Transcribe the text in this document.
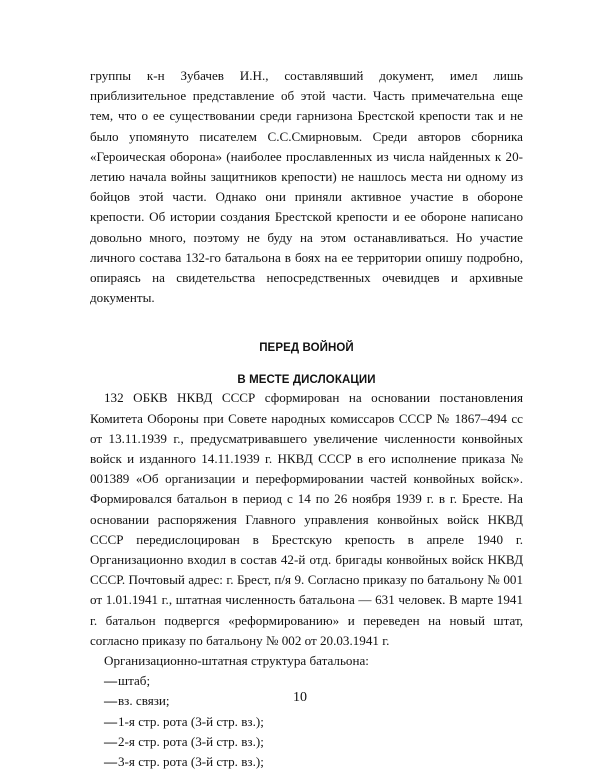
группы к-н Зубачев И.Н., составлявший документ, имел лишь приблизительное представление об этой части. Часть примечательна еще тем, что о ее существовании среди гарнизона Брестской крепости так и не было упомянуто писателем С.С.Смирновым. Среди авторов сборника «Героическая оборона» (наиболее прославленных из числа найденных к 20-летию начала войны защитников крепости) не нашлось места ни одному из бойцов этой части. Однако они приняли активное участие в обороне крепости. Об истории создания Брестской крепости и ее обороне написано довольно много, поэтому не буду на этом останавливаться. Но участие личного состава 132-го батальона в боях на ее территории опишу подробно, опираясь на свидетельства непосредственных очевидцев и архивные документы.

ПЕРЕД ВОЙНОЙ

В МЕСТЕ ДИСЛОКАЦИИ

132 ОБКВ НКВД СССР сформирован на основании постановления Комитета Обороны при Совете народных комиссаров СССР № 1867–494 сс от 13.11.1939 г., предусматривавшего увеличение численности конвойных войск и изданного 14.11.1939 г. НКВД СССР в его исполнение приказа № 001389 «Об организации и переформировании частей конвойных войск». Формировался батальон в период с 14 по 26 ноября 1939 г. в г. Бресте. На основании распоряжения Главного управления конвойных войск НКВД СССР передислоцирован в Брестскую крепость в апреле 1940 г. Организационно входил в состав 42-й отд. бригады конвойных войск НКВД СССР. Почтовый адрес: г. Брест, п/я 9. Согласно приказу по батальону № 001 от 1.01.1941 г., штатная численность батальона — 631 человек. В марте 1941 г. батальон подвергся «реформированию» и переведен на новый штат, согласно приказу по батальону № 002 от 20.03.1941 г.

Организационно-штатная структура батальона:

—штаб;
—вз. связи;
—1-я стр. рота (3-й стр. вз.);
—2-я стр. рота (3-й стр. вз.);
—3-я стр. рота (3-й стр. вз.);
10
